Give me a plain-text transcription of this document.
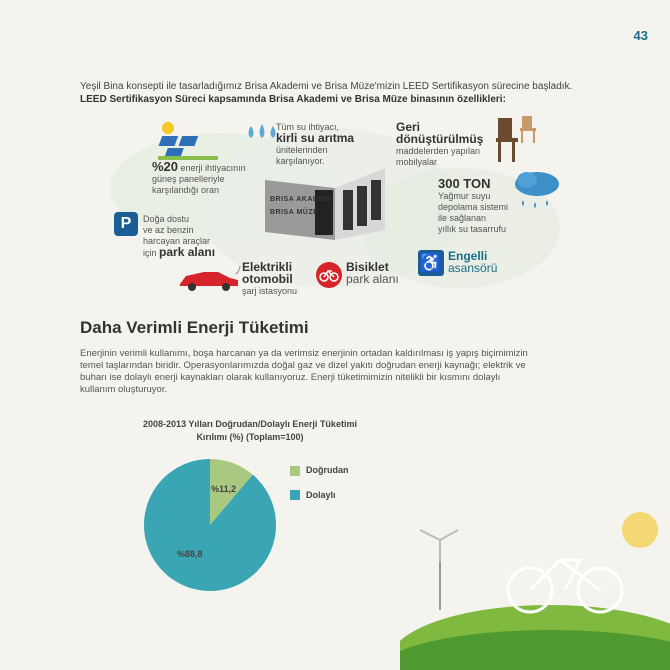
43
Yeşil Bina konsepti ile tasarladığımız Brisa Akademi ve Brisa Müze'mizin LEED Sertifikasyon sürecine başladık.
LEED Sertifikasyon Süreci kapsamında Brisa Akademi ve Brisa Müze binasının özellikleri:
%20 enerji ihtiyacının
güneş panelleriyle
karşılandığı oran
Tüm su ihtiyacı,
kirli su arıtma
ünitelerinden
karşılanıyor.
Geri
dönüştürülmüş
maddelerden yapılan
mobilyalar
BRISA AKADEMİ
BRISA MÜZE
300 TON
Yağmur suyu
depolama sistemi
ile sağlanan
yıllık su tasarrufu
P	Doğa dostu
ve az benzin
harcayan araçlar
için park alanı
Elektrikli
otomobil
şarj istasyonu
Bisiklet
park alanı
♿ Engelli
asansörü
Daha Verimli Enerji Tüketimi
Enerjinin verimli kullanımı, boşa harcanan ya da verimsiz enerjinin ortadan kaldırılması iş yapış biçimimizin
temel taşlarından biridir. Operasyonlarımızda doğal gaz ve dizel yakıtı doğrudan enerji kaynağı; elektrik ve
buharı ise dolaylı enerji kaynakları olarak kullanıyoruz. Enerji tüketimimizin nitelikli bir kısmını dolaylı
kullanım oluşturuyor.
2008-2013 Yılları Doğrudan/Dolaylı Enerji Tüketimi
Kırılımı (%) (Toplam=100)
%11,2
%88,8
Doğrudan
Dolaylı
